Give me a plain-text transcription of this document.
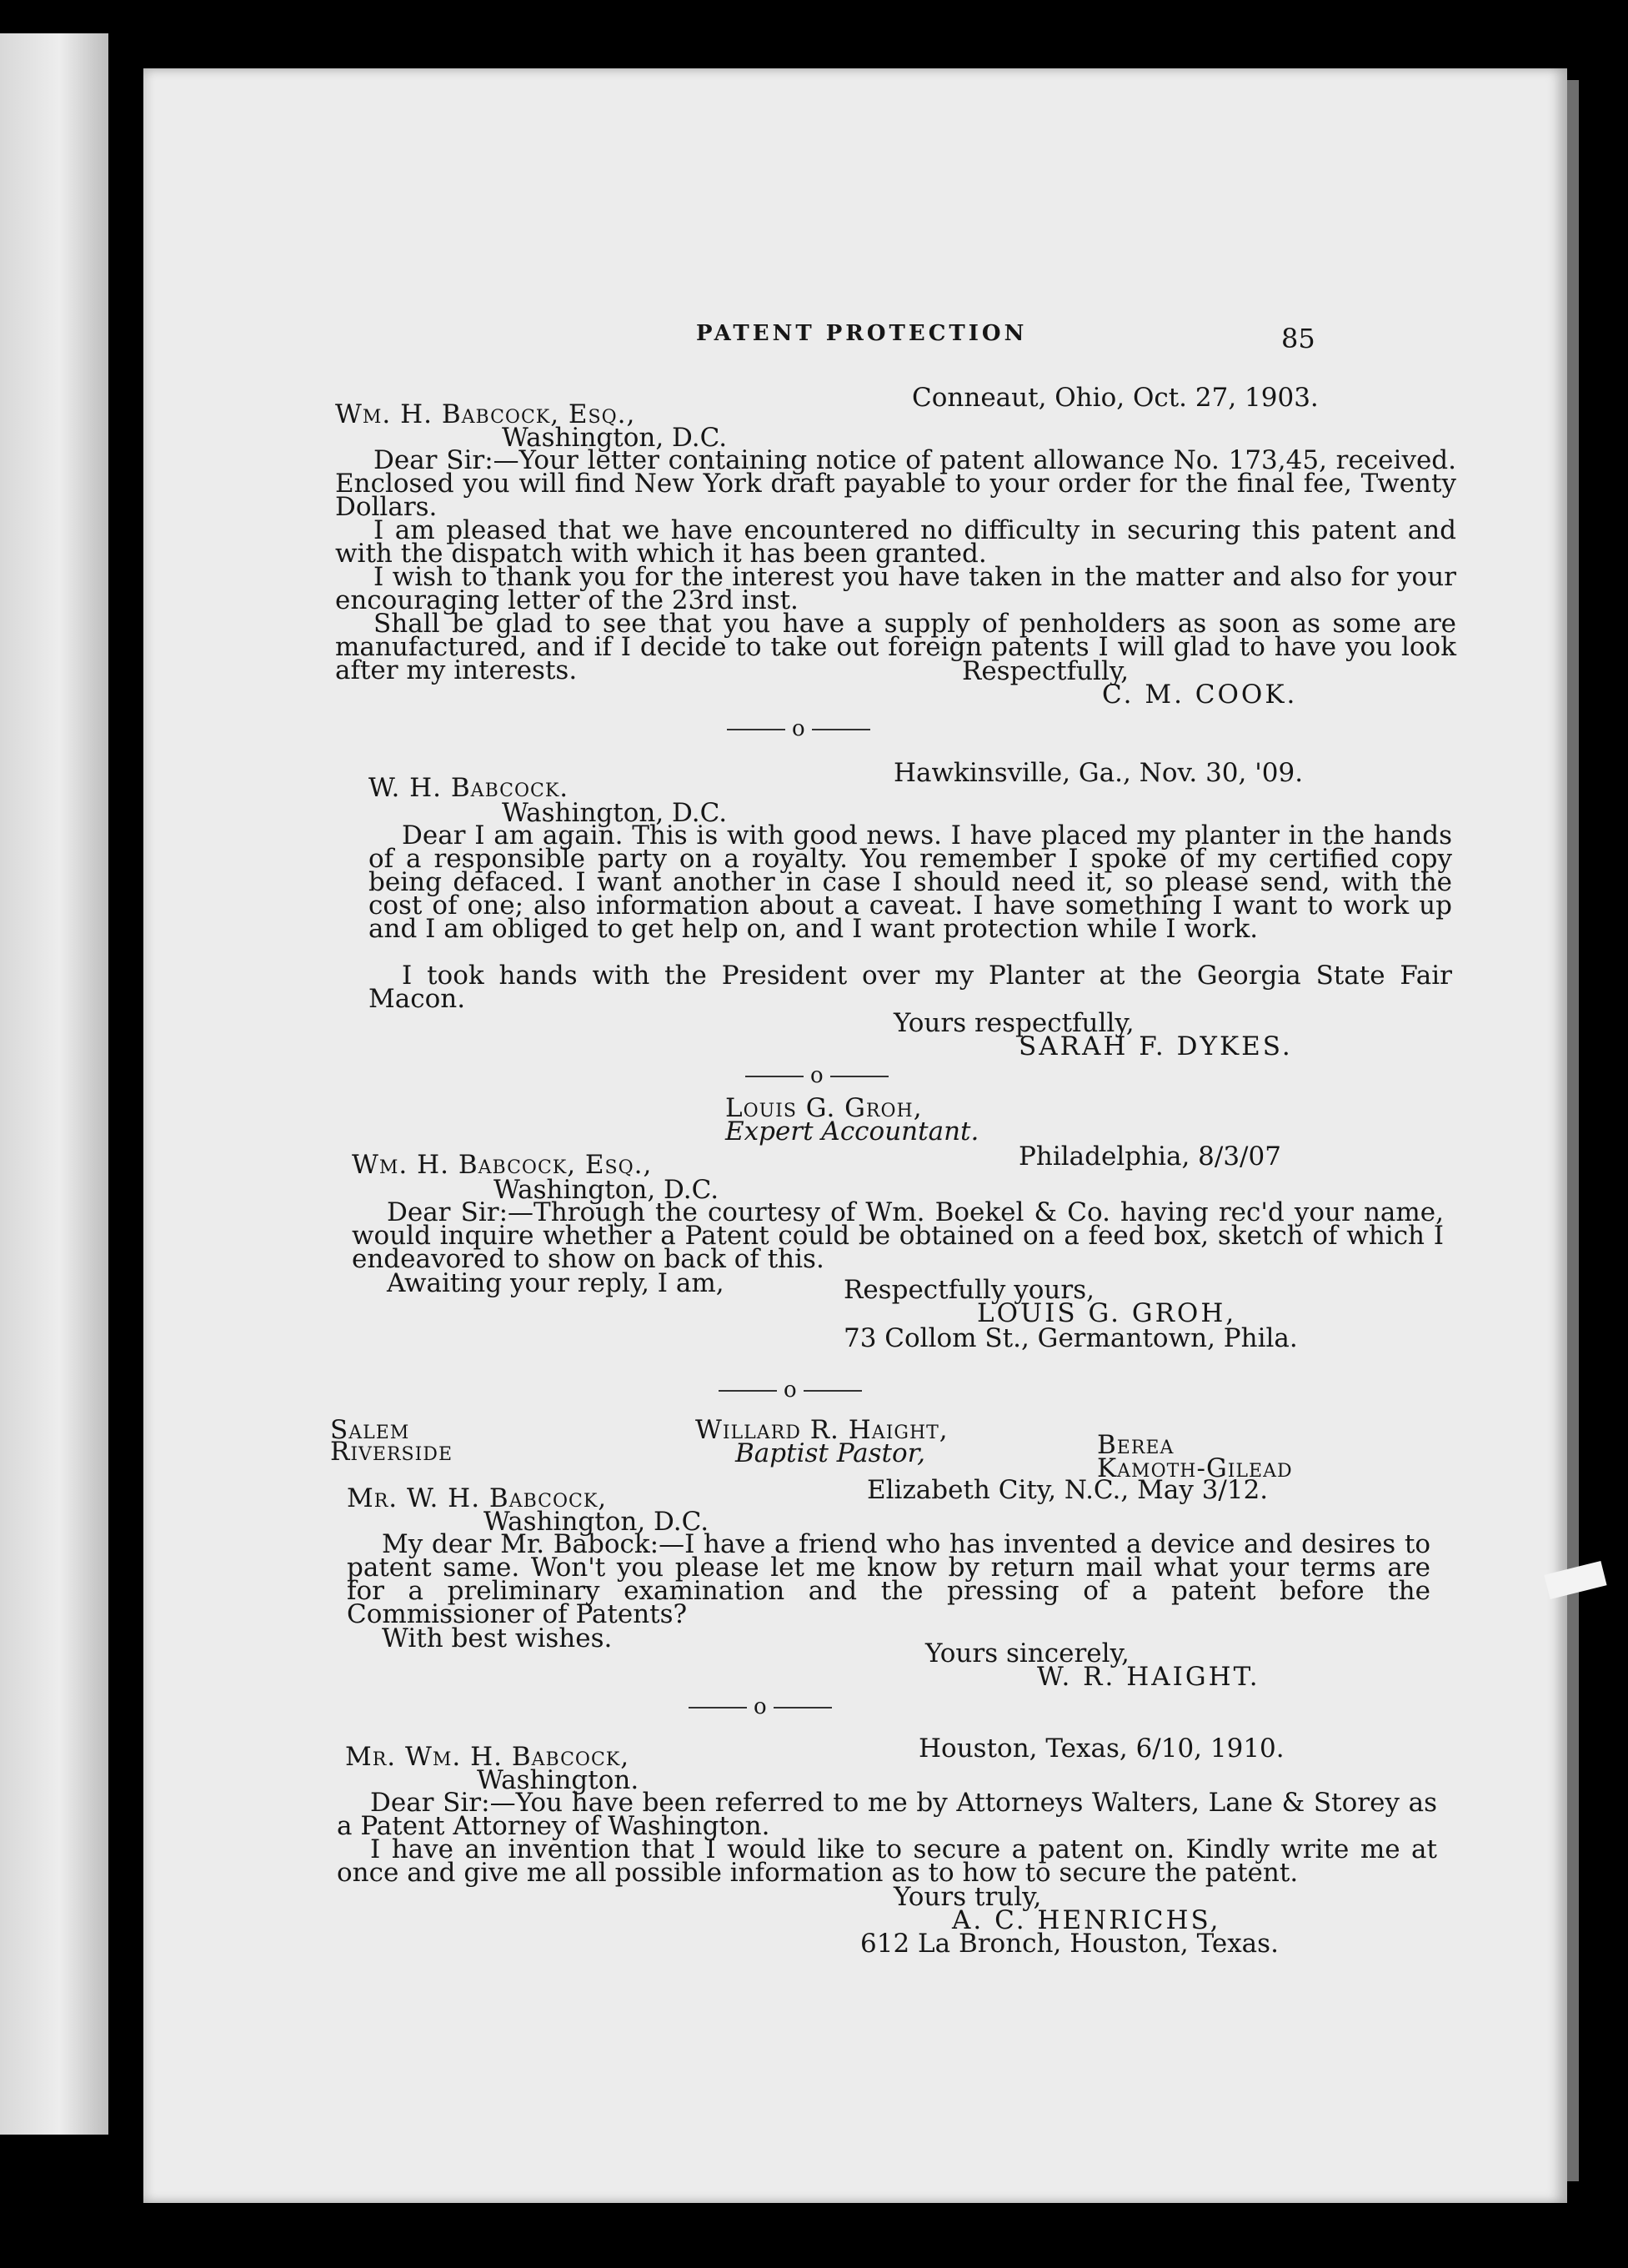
PATENT PROTECTION	85
Conneaut, Ohio, Oct. 27, 1903.
Wm. H. Babcock, Esq.,
Washington, D.C.
Dear Sir:—Your letter containing notice of patent allowance No. 173,45, received. Enclosed you will find New York draft payable to your order for the final fee, Twenty Dollars.
I am pleased that we have encountered no difficulty in securing this patent and with the dispatch with which it has been granted.
I wish to thank you for the interest you have taken in the matter and also for your encouraging letter of the 23rd inst.
Shall be glad to see that you have a supply of penholders as soon as some are manufactured, and if I decide to take out foreign patents I will glad to have you look after my interests.	Respectfully,
C. M. COOK.
o
Hawkinsville, Ga., Nov. 30, '09.
W. H. Babcock.
Washington, D.C.
Dear I am again. This is with good news. I have placed my planter in the hands of a responsible party on a royalty. You remember I spoke of my certified copy being defaced. I want another in case I should need it, so please send, with the cost of one; also information about a caveat. I have something I want to work up and I am obliged to get help on, and I want protection while I work.
I took hands with the President over my Planter at the Georgia State Fair Macon.
Yours respectfully,
SARAH F. DYKES.
o
Louis G. Groh,
Expert Accountant.
Philadelphia, 8/3/07
Wm. H. Babcock, Esq.,
Washington, D.C.
Dear Sir:—Through the courtesy of Wm. Boekel & Co. having rec'd your name, would inquire whether a Patent could be obtained on a feed box, sketch of which I endeavored to show on back of this.
Awaiting your reply, I am,	Respectfully yours,
LOUIS G. GROH,
73 Collom St., Germantown, Phila.
o
Salem
Riverside
Willard R. Haight,
Baptist Pastor,	Berea
Kamoth-Gilead
Elizabeth City, N.C., May 3/12.
Mr. W. H. Babcock,
Washington, D.C.
My dear Mr. Babock:—I have a friend who has invented a device and desires to patent same. Won't you please let me know by return mail what your terms are for a preliminary examination and the pressing of a patent before the Commissioner of Patents?
With best wishes.	Yours sincerely,
W. R. HAIGHT.
o
Houston, Texas, 6/10, 1910.
Mr. Wm. H. Babcock,
Washington.
Dear Sir:—You have been referred to me by Attorneys Walters, Lane & Storey as a Patent Attorney of Washington.
I have an invention that I would like to secure a patent on. Kindly write me at once and give me all possible information as to how to secure the patent.
Yours truly,
A. C. HENRICHS,
612 La Bronch, Houston, Texas.
